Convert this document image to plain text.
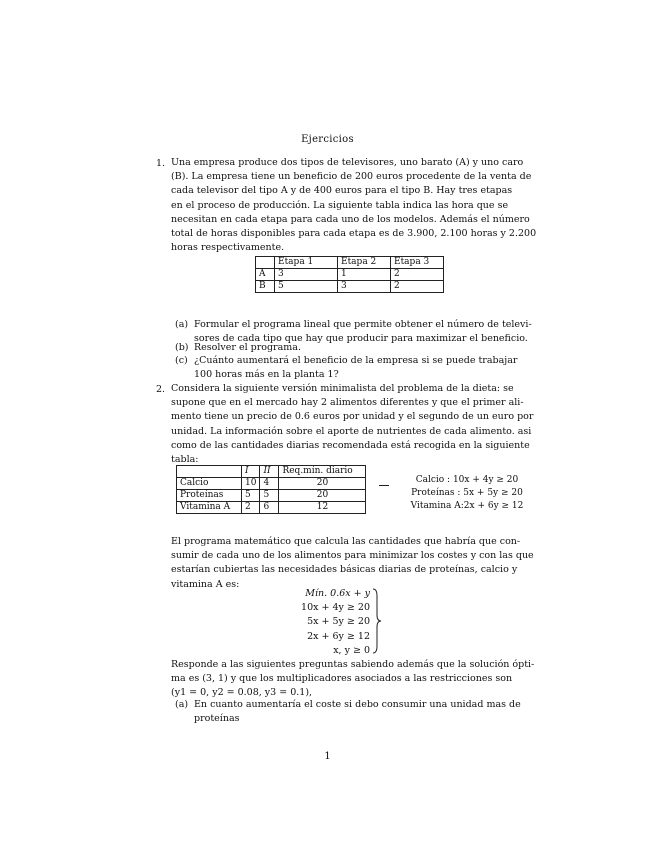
Ejercicios
1. Una empresa produce dos tipos de televisores, uno barato (A) y uno caro
(B). La empresa tiene un beneficio de 200 euros procedente de la venta de
cada televisor del tipo A y de 400 euros para el tipo B. Hay tres etapas
en el proceso de producción. La siguiente tabla indica las hora que se
necesitan en cada etapa para cada uno de los modelos. Además el número
total de horas disponibles para cada etapa es de 3.900, 2.100 horas y 2.200
horas respectivamente.
	Etapa 1	Etapa 2	Etapa 3
A	3	1	2
B	5	3	2
(a) Formular el programa lineal que permite obtener el número de televi-
sores de cada tipo que hay que producir para maximizar el beneficio.
(b) Resolver el programa.
(c) ¿Cuánto aumentará el beneficio de la empresa si se puede trabajar
100 horas más en la planta 1?
2. Considera la siguiente versión minimalista del problema de la dieta: se
supone que en el mercado hay 2 alimentos diferentes y que el primer ali-
mento tiene un precio de 0.6 euros por unidad y el segundo de un euro por
unidad. La información sobre el aporte de nutrientes de cada alimento. asi
como de las cantidades diarias recomendada está recogida en la siguiente
tabla:
	I	II	Req.mín. diario
Calcio	10	4	20
Proteínas	5	5	20
Vitamina A	2	6	12
Calcio : 10x + 4y ≥ 20
Proteínas : 5x + 5y ≥ 20
Vitamina A:2x + 6y ≥ 12
El programa matemático que calcula las cantidades que habría que con-
sumir de cada uno de los alimentos para minimizar los costes y con las que
estarían cubiertas las necesidades básicas diarias de proteínas, calcio y
vitamina A es:
Mín. 0.6x + y
10x + 4y ≥ 20
5x + 5y ≥ 20
2x + 6y ≥ 12
x, y ≥ 0
Responde a las siguientes preguntas sabiendo además que la solución ópti-
ma es (3, 1) y que los multiplicadores asociados a las restricciones son
(y1 = 0, y2 = 0.08, y3 = 0.1),
(a) En cuanto aumentaría el coste si debo consumir una unidad mas de
proteínas
1
